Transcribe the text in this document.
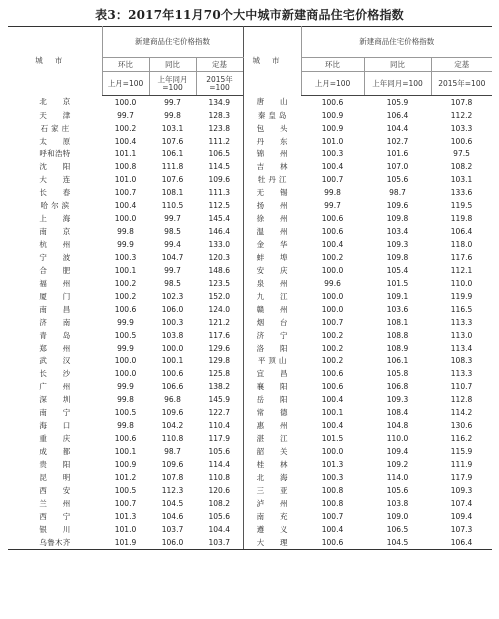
表3：2017年11月70个大中城市新建商品住宅价格指数
城市	新建商品住宅价格指数			城市	新建商品住宅价格指数		
	环比	同比	定基		环比	同比	定基
	上月=100	上年同月=100	2015年=100		上月=100	上年同月=100	2015年=100
北　　京	100.0	99.7	134.9	唐　　山	100.6	105.9	107.8
天　　津	99.7	99.8	128.3	秦 皇 岛	100.9	106.4	112.2
石 家 庄	100.2	103.1	123.8	包　　头	100.9	104.4	103.3
太　　原	100.4	107.6	111.2	丹　　东	101.0	102.7	100.6
呼和浩特	101.1	106.1	106.5	锦　　州	100.3	101.6	97.5
沈　　阳	100.8	111.8	114.5	吉　　林	100.4	107.0	108.2
大　　连	101.0	107.6	109.6	牡 丹 江	100.7	105.6	103.1
长　　春	100.7	108.1	111.3	无　　锡	99.8	98.7	133.6
哈 尔 滨	100.4	110.5	112.5	扬　　州	99.7	109.6	119.5
上　　海	100.0	99.7	145.4	徐　　州	100.6	109.8	119.8
南　　京	99.8	98.5	146.4	温　　州	100.6	103.4	106.4
杭　　州	99.9	99.4	133.0	金　　华	100.4	109.3	118.0
宁　　波	100.3	104.7	120.3	蚌　　埠	100.2	109.8	117.6
合　　肥	100.1	99.7	148.6	安　　庆	100.0	105.4	112.1
福　　州	100.2	98.5	123.5	泉　　州	99.6	101.5	110.0
厦　　门	100.2	102.3	152.0	九　　江	100.0	109.1	119.9
南　　昌	100.6	106.0	124.0	赣　　州	100.0	103.6	116.5
济　　南	99.9	100.3	121.2	烟　　台	100.7	108.1	113.3
青　　岛	100.5	103.8	117.6	济　　宁	100.2	108.8	113.0
郑　　州	99.9	100.0	129.6	洛　　阳	100.2	108.9	113.4
武　　汉	100.0	100.1	129.8	平 顶 山	100.2	106.1	108.3
长　　沙	100.0	100.6	125.8	宜　　昌	100.6	105.8	113.3
广　　州	99.9	106.6	138.2	襄　　阳	100.6	106.8	110.7
深　　圳	99.8	96.8	145.9	岳　　阳	100.4	109.3	112.8
南　　宁	100.5	109.6	122.7	常　　德	100.1	108.4	114.2
海　　口	99.8	104.2	110.4	惠　　州	100.4	104.8	130.6
重　　庆	100.6	110.8	117.9	湛　　江	101.5	110.0	116.2
成　　都	100.1	98.7	105.6	韶　　关	100.0	109.4	115.9
贵　　阳	100.9	109.6	114.4	桂　　林	101.3	109.2	111.9
昆　　明	101.2	107.8	110.8	北　　海	100.3	114.0	117.9
西　　安	100.5	112.3	120.6	三　　亚	100.8	105.6	109.3
兰　　州	100.7	104.5	108.2	泸　　州	100.8	103.8	107.4
西　　宁	101.3	104.6	105.6	南　　充	100.7	109.0	109.4
银　　川	101.0	103.7	104.4	遵　　义	100.4	106.5	107.3
乌鲁木齐	101.9	106.0	103.7	大　　理	100.6	104.5	106.4
